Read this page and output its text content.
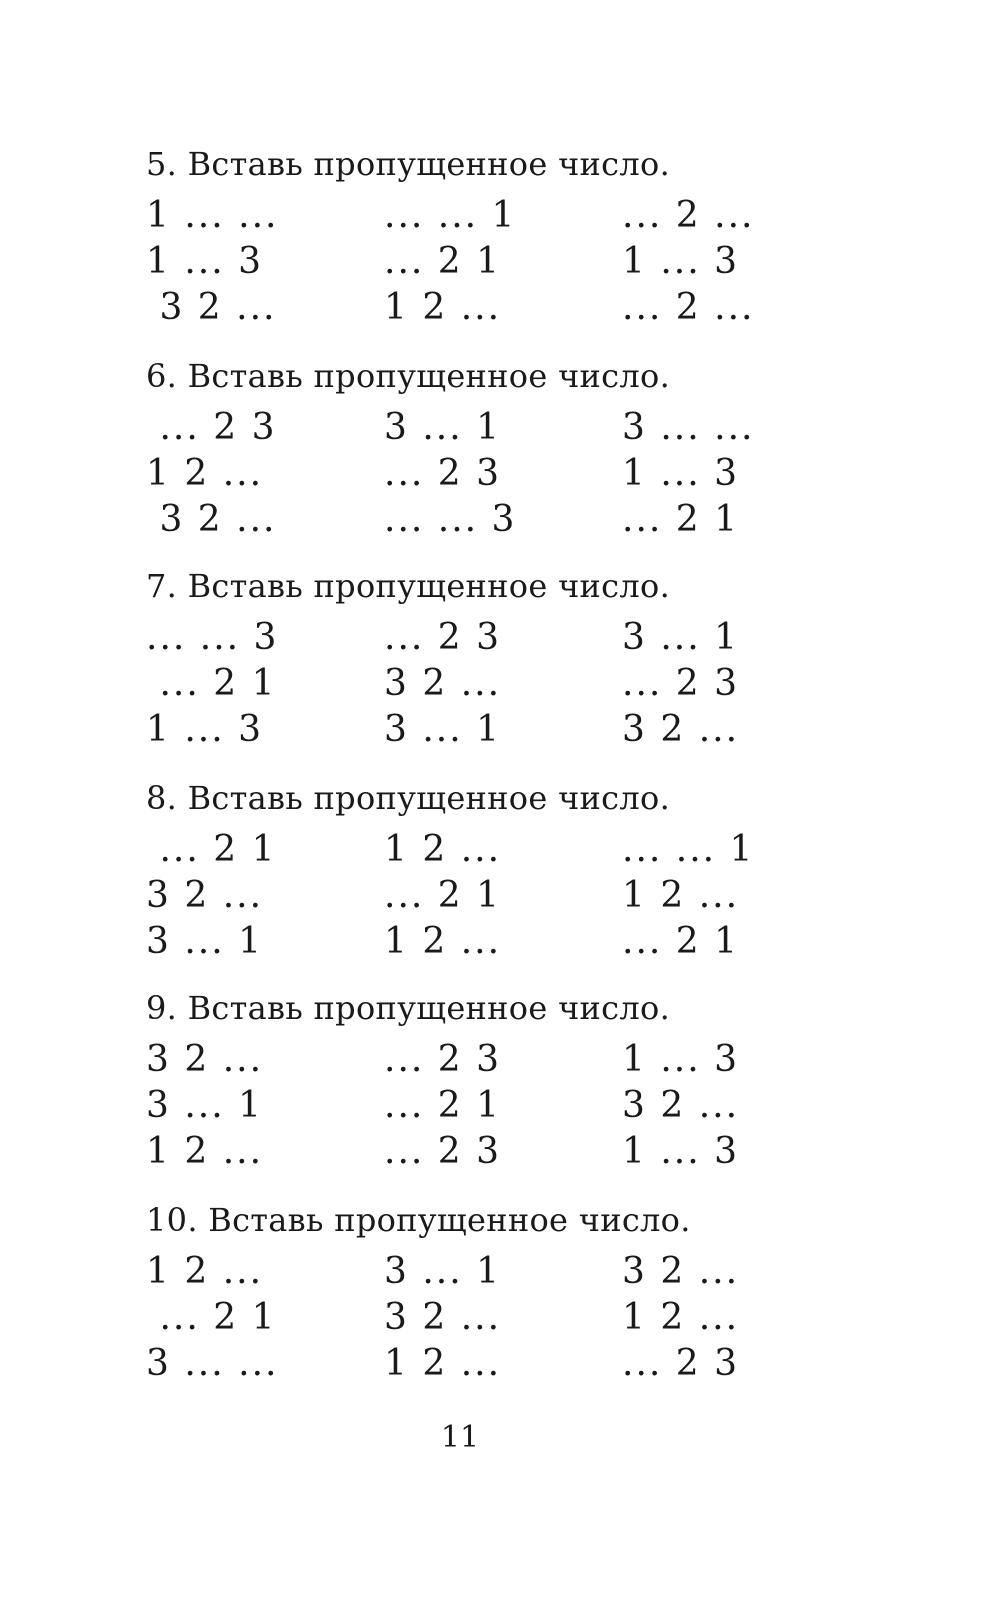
5. Вставь пропущенное число.
1 ... ...	... ... 1	... 2 ...
1 ... 3	... 2 1	1 ... 3
3 2 ...	1 2 ...	... 2 ...
6. Вставь пропущенное число.
... 2 3	3 ... 1	3 ... ...
1 2 ...	... 2 3	1 ... 3
3 2 ...	... ... 3	... 2 1
7. Вставь пропущенное число.
... ... 3	... 2 3	3 ... 1
... 2 1	3 2 ...	... 2 3
1 ... 3	3 ... 1	3 2 ...
8. Вставь пропущенное число.
... 2 1	1 2 ...	... ... 1
3 2 ...	... 2 1	1 2 ...
3 ... 1	1 2 ...	... 2 1
9. Вставь пропущенное число.
3 2 ...	... 2 3	1 ... 3
3 ... 1	... 2 1	3 2 ...
1 2 ...	... 2 3	1 ... 3
10. Вставь пропущенное число.
1 2 ...	3 ... 1	3 2 ...
... 2 1	3 2 ...	1 2 ...
3 ... ...	1 2 ...	... 2 3
11
